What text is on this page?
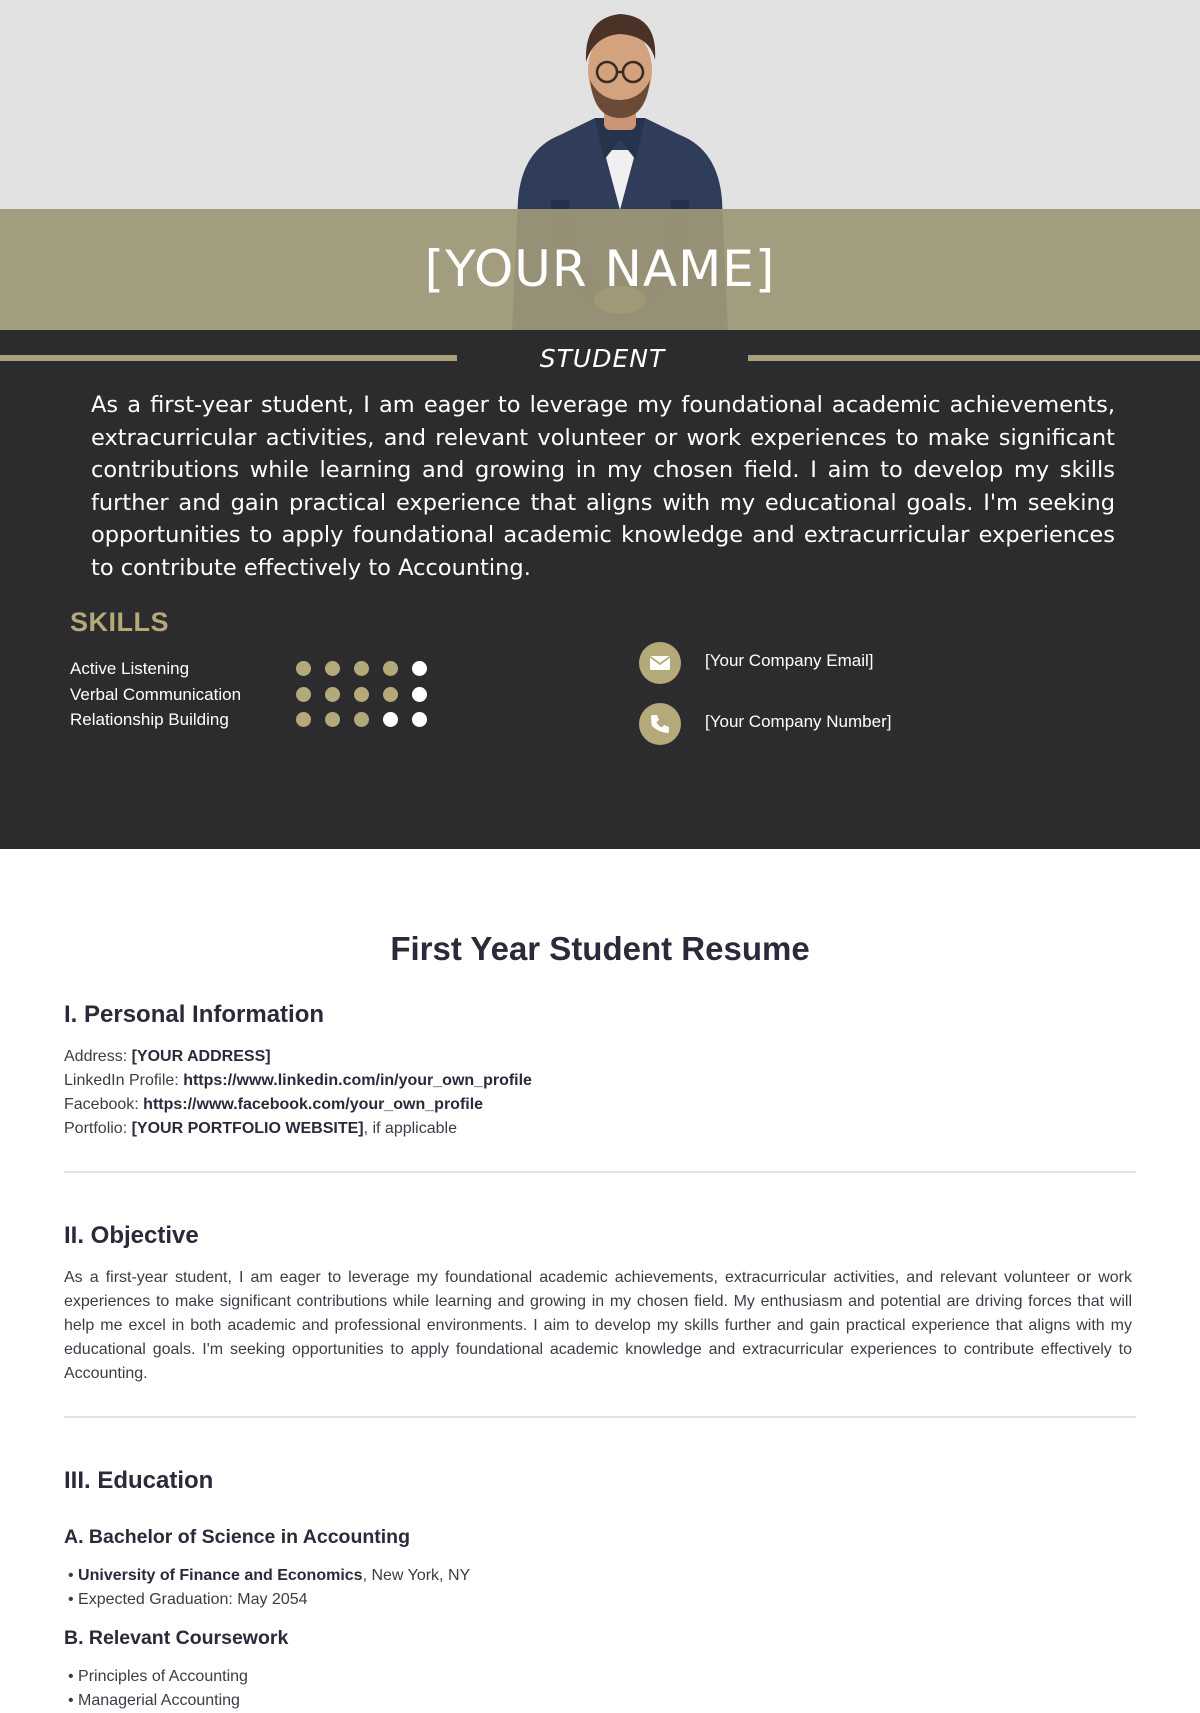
[YOUR NAME]
STUDENT

As a first-year student, I am eager to leverage my foundational academic achievements, extracurricular activities, and relevant volunteer or work experiences to make significant contributions while learning and growing in my chosen field. I aim to develop my skills further and gain practical experience that aligns with my educational goals. I'm seeking opportunities to apply foundational academic knowledge and extracurricular experiences to contribute effectively to Accounting.

SKILLS
Active Listening
Verbal Communication
Relationship Building
[Your Company Email]
[Your Company Number]
First Year Student Resume
I. Personal Information
Address: [YOUR ADDRESS]
LinkedIn Profile: https://www.linkedin.com/in/your_own_profile
Facebook: https://www.facebook.com/your_own_profile
Portfolio: [YOUR PORTFOLIO WEBSITE], if applicable
II. Objective

As a first-year student, I am eager to leverage my foundational academic achievements, extracurricular activities, and relevant volunteer or work experiences to make significant contributions while learning and growing in my chosen field. My enthusiasm and potential are driving forces that will help me excel in both academic and professional environments. I aim to develop my skills further and gain practical experience that aligns with my educational goals. I'm seeking opportunities to apply foundational academic knowledge and extracurricular experiences to contribute effectively to Accounting.

III. Education
A. Bachelor of Science in Accounting
• University of Finance and Economics, New York, NY
• Expected Graduation: May 2054
B. Relevant Coursework
• Principles of Accounting
• Managerial Accounting
